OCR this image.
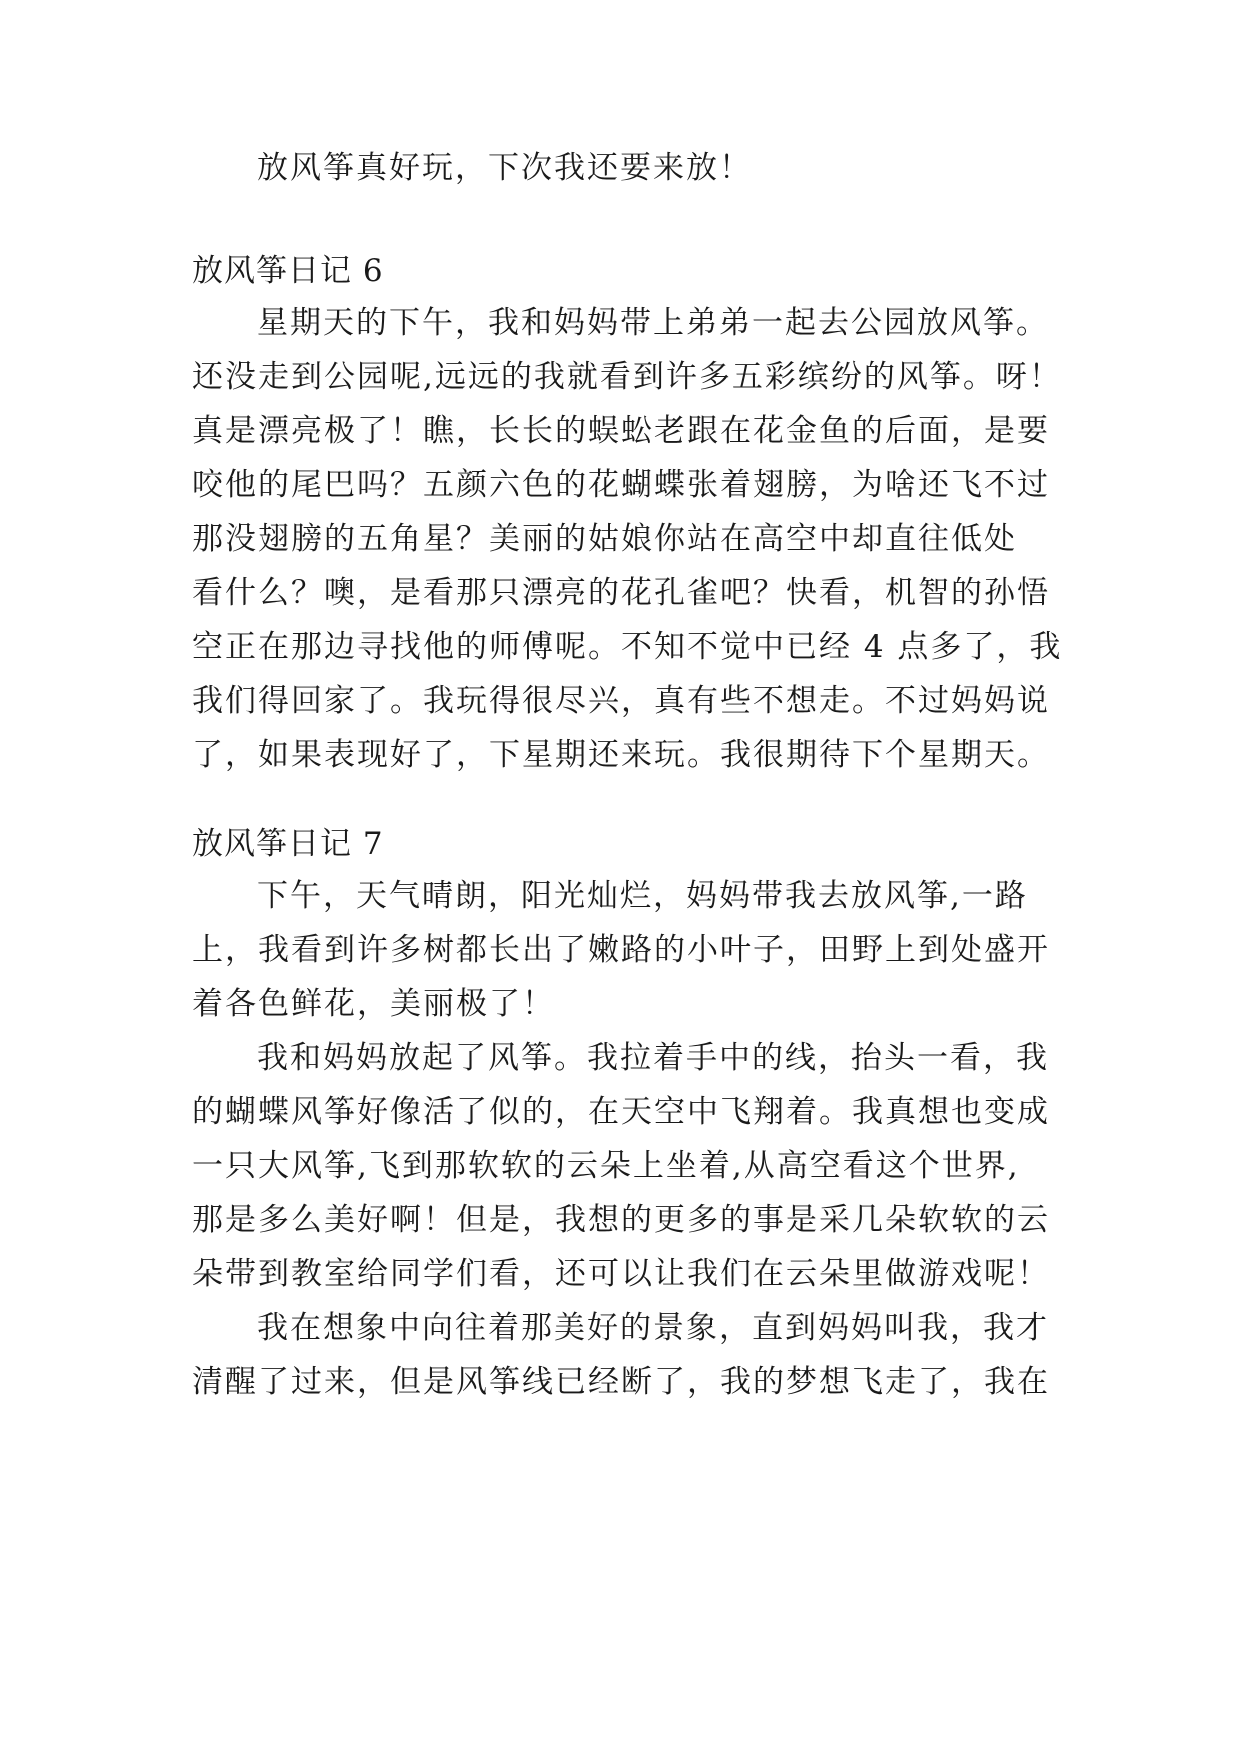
放风筝真好玩，下次我还要来放！
放风筝日记 6
星期天的下午，我和妈妈带上弟弟一起去公园放风筝。
还没走到公园呢,远远的我就看到许多五彩缤纷的风筝。呀！
真是漂亮极了！瞧，长长的蜈蚣老跟在花金鱼的后面，是要
咬他的尾巴吗？五颜六色的花蝴蝶张着翅膀，为啥还飞不过
那没翅膀的五角星？美丽的姑娘你站在高空中却直往低处
看什么？噢，是看那只漂亮的花孔雀吧？快看，机智的孙悟
空正在那边寻找他的师傅呢。不知不觉中已经 4 点多了，我
我们得回家了。我玩得很尽兴，真有些不想走。不过妈妈说
了，如果表现好了，下星期还来玩。我很期待下个星期天。
放风筝日记 7
下午，天气晴朗，阳光灿烂，妈妈带我去放风筝,一路
上，我看到许多树都长出了嫩路的小叶子，田野上到处盛开
着各色鲜花，美丽极了！
我和妈妈放起了风筝。我拉着手中的线，抬头一看，我
的蝴蝶风筝好像活了似的，在天空中飞翔着。我真想也变成
一只大风筝,飞到那软软的云朵上坐着,从高空看这个世界,
那是多么美好啊！但是，我想的更多的事是采几朵软软的云
朵带到教室给同学们看，还可以让我们在云朵里做游戏呢！
我在想象中向往着那美好的景象，直到妈妈叫我，我才
清醒了过来，但是风筝线已经断了，我的梦想飞走了，我在
